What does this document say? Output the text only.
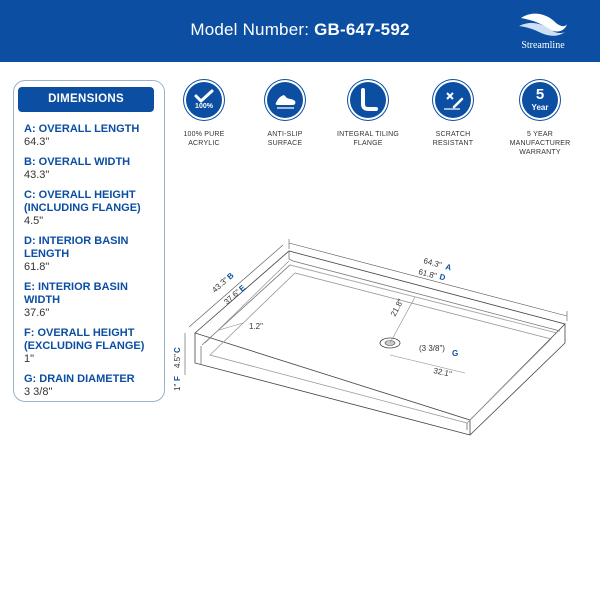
Model Number: GB-647-592
Streamline
DIMENSIONS
A: OVERALL LENGTH
64.3"
B: OVERALL WIDTH
43.3"
C: OVERALL HEIGHT (INCLUDING FLANGE)
4.5"
D: INTERIOR BASIN LENGTH
61.8"
E: INTERIOR BASIN WIDTH
37.6"
F: OVERALL HEIGHT (EXCLUDING FLANGE)
1"
G: DRAIN DIAMETER
3 3/8"
100%
100% PURE
ACRYLIC
ANTI-SLIP
SURFACE
INTEGRAL TILING
FLANGE
SCRATCH
RESISTANT
5
Year
5 YEAR
MANUFACTURER
WARRANTY
64.3" A
61.8" D
43.3"
B
37.6"
E
4.5"
C
1"
F
1.2"
21.8"
(3 3/8")
G
32.1"
